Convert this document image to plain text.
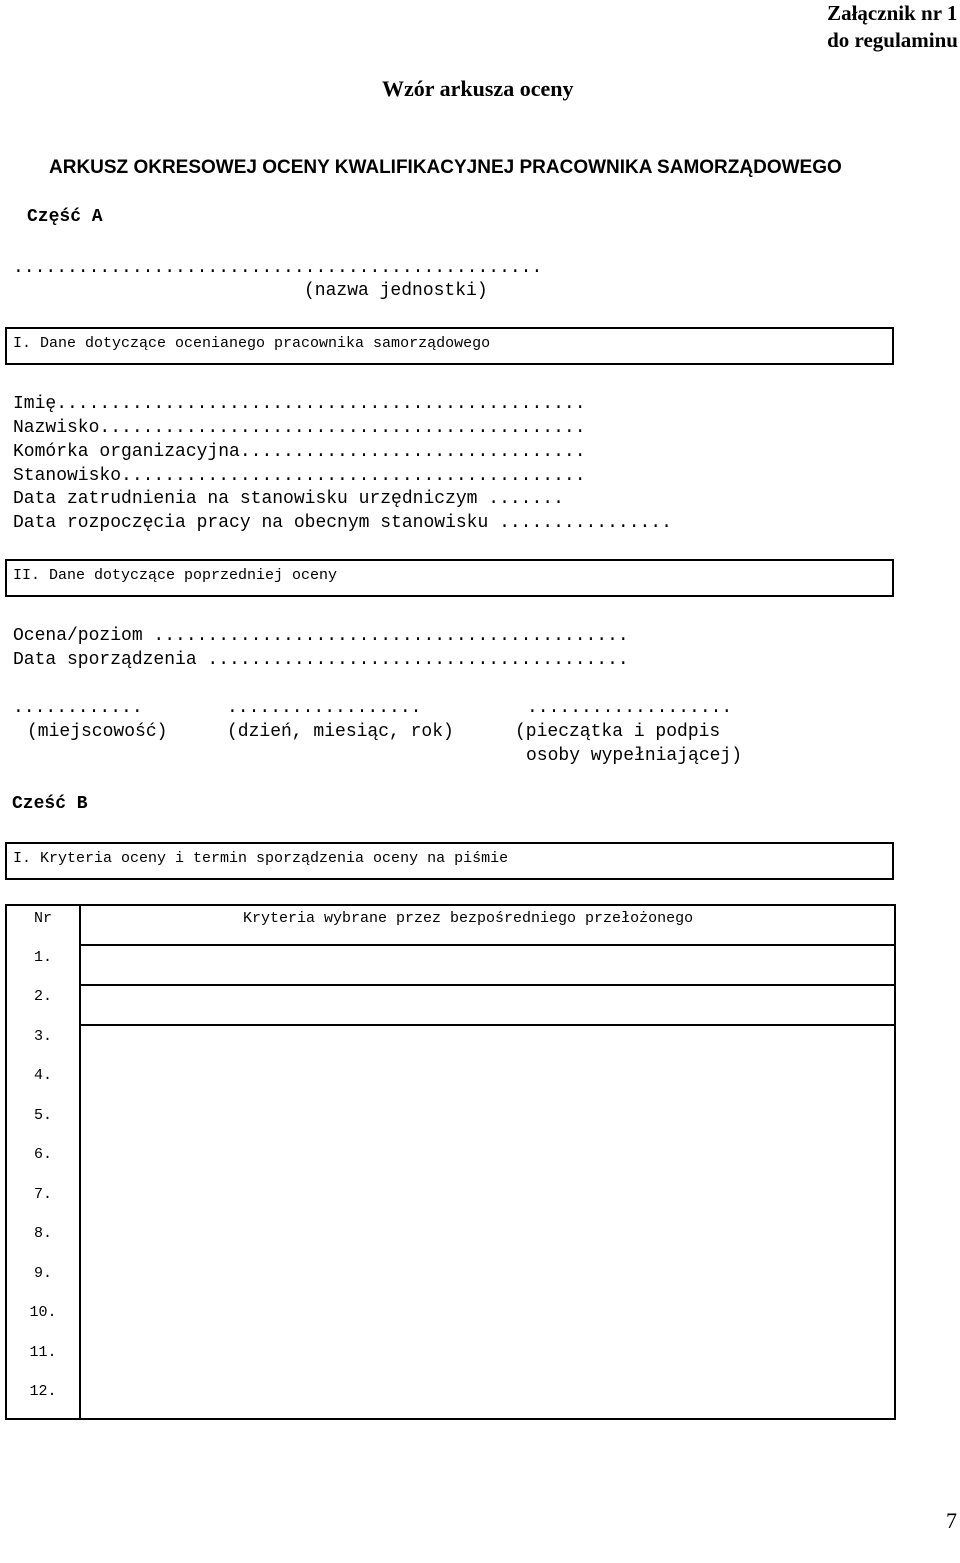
Załącznik nr 1
do regulaminu
Wzór arkusza oceny
ARKUSZ OKRESOWEJ OCENY KWALIFIKACYJNEJ PRACOWNIKA SAMORZĄDOWEGO
Część A
.................................................
(nazwa jednostki)
I. Dane dotyczące ocenianego pracownika samorządowego
Imię.................................................
Nazwisko.............................................
Komórka organizacyjna................................
Stanowisko...........................................
Data zatrudnienia na stanowisku urzędniczym .......
Data rozpoczęcia pracy na obecnym stanowisku ................
II. Dane dotyczące poprzedniej oceny
Ocena/poziom ............................................
Data sporządzenia .......................................
............	..................	...................
(miejscowość)	(dzień, miesiąc, rok)	(pieczątka i podpis
osoby wypełniającej)
Cześć B
I. Kryteria oceny i termin sporządzenia oceny na piśmie
Nr	Kryteria wybrane przez bezpośredniego przełożonego
1.
2.
3.
4.
5.
6.
7.
8.
9.
10.
11.
12.
7
